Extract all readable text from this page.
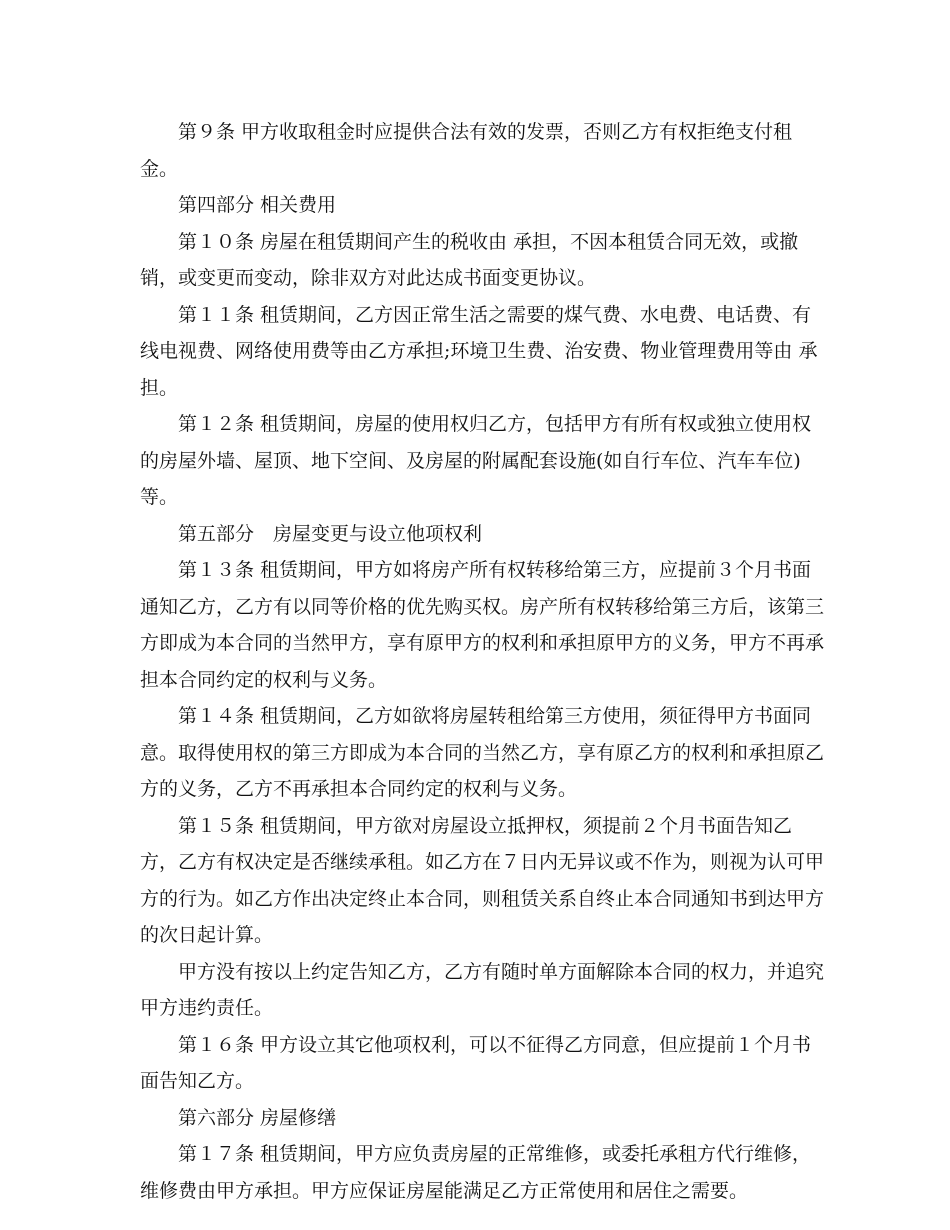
第９条 甲方收取租金时应提供合法有效的发票，否则乙方有权拒绝支付租金。

第四部分 相关费用

第１０条 房屋在租赁期间产生的税收由 承担，不因本租赁合同无效，或撤销，或变更而变动，除非双方对此达成书面变更协议。

第１１条 租赁期间，乙方因正常生活之需要的煤气费、水电费、电话费、有线电视费、网络使用费等由乙方承担;环境卫生费、治安费、物业管理费用等由 承担。

第１２条 租赁期间，房屋的使用权归乙方，包括甲方有所有权或独立使用权的房屋外墙、屋顶、地下空间、及房屋的附属配套设施(如自行车位、汽车车位)等。

第五部分　房屋变更与设立他项权利

第１３条 租赁期间，甲方如将房产所有权转移给第三方，应提前３个月书面通知乙方，乙方有以同等价格的优先购买权。房产所有权转移给第三方后，该第三方即成为本合同的当然甲方，享有原甲方的权利和承担原甲方的义务，甲方不再承担本合同约定的权利与义务。

第１４条 租赁期间，乙方如欲将房屋转租给第三方使用，须征得甲方书面同意。取得使用权的第三方即成为本合同的当然乙方，享有原乙方的权利和承担原乙方的义务，乙方不再承担本合同约定的权利与义务。

第１５条 租赁期间，甲方欲对房屋设立抵押权，须提前２个月书面告知乙方，乙方有权决定是否继续承租。如乙方在７日内无异议或不作为，则视为认可甲方的行为。如乙方作出决定终止本合同，则租赁关系自终止本合同通知书到达甲方的次日起计算。

甲方没有按以上约定告知乙方，乙方有随时单方面解除本合同的权力，并追究甲方违约责任。

第１６条 甲方设立其它他项权利，可以不征得乙方同意，但应提前１个月书面告知乙方。

第六部分 房屋修缮

第１７条 租赁期间，甲方应负责房屋的正常维修，或委托承租方代行维修，维修费由甲方承担。甲方应保证房屋能满足乙方正常使用和居住之需要。
